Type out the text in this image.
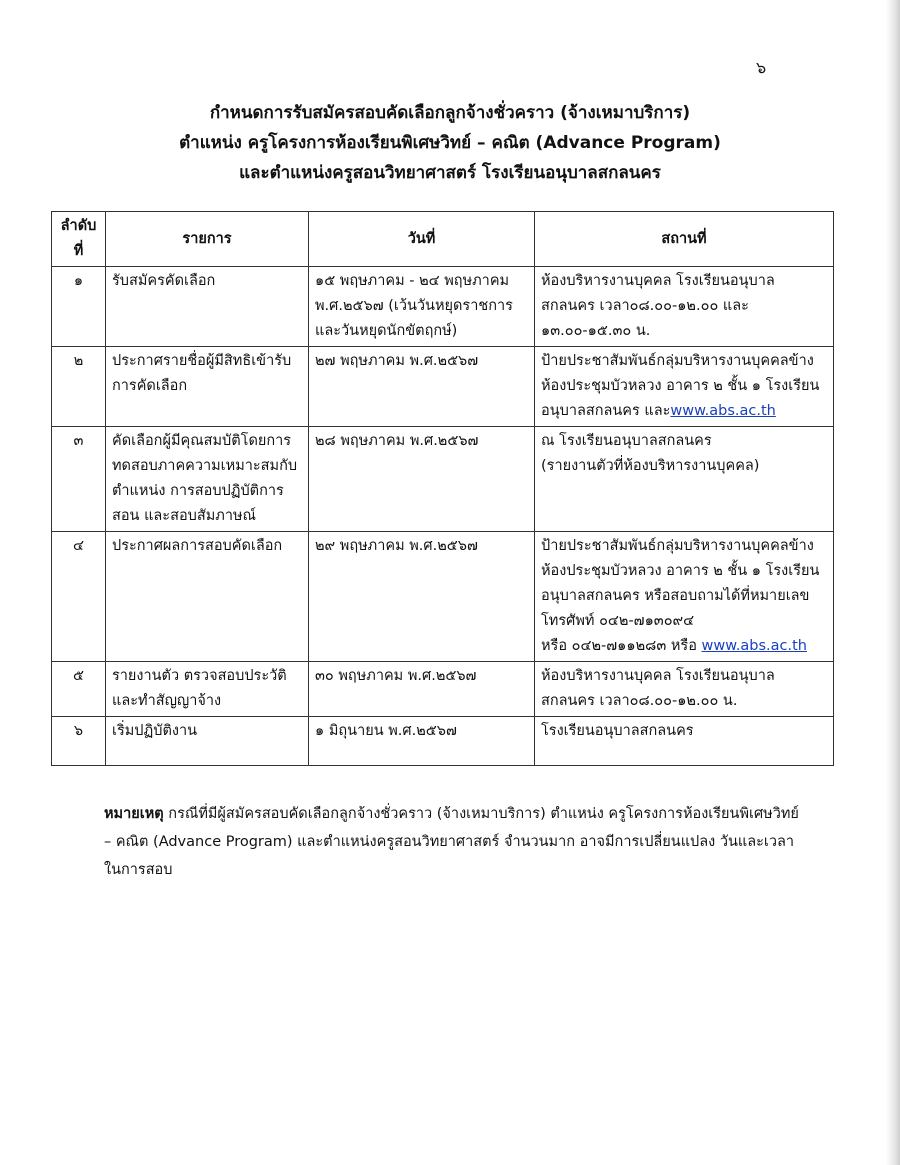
๖
กำหนดการรับสมัครสอบคัดเลือกลูกจ้างชั่วคราว (จ้างเหมาบริการ)
ตำแหน่ง ครูโครงการห้องเรียนพิเศษวิทย์ – คณิต (Advance Program)
และตำแหน่งครูสอนวิทยาศาสตร์ โรงเรียนอนุบาลสกลนคร
ลำดับ
ที่	รายการ	วันที่	สถานที่
๑	รับสมัครคัดเลือก	๑๕ พฤษภาคม - ๒๔ พฤษภาคม พ.ศ.๒๕๖๗ (เว้นวันหยุดราชการ และวันหยุดนักขัตฤกษ์)	ห้องบริหารงานบุคคล โรงเรียนอนุบาลสกลนคร เวลา๐๘.๐๐-๑๒.๐๐ และ ๑๓.๐๐-๑๕.๓๐ น.
๒	ประกาศรายชื่อผู้มีสิทธิเข้ารับการคัดเลือก	๒๗ พฤษภาคม พ.ศ.๒๕๖๗	ป้ายประชาสัมพันธ์กลุ่มบริหารงานบุคคลข้างห้องประชุมบัวหลวง อาคาร ๒ ชั้น ๑ โรงเรียนอนุบาลสกลนคร และwww.abs.ac.th
๓	คัดเลือกผู้มีคุณสมบัติโดยการทดสอบภาคความเหมาะสมกับตำแหน่ง การสอบปฏิบัติการสอน และสอบสัมภาษณ์	๒๘ พฤษภาคม พ.ศ.๒๕๖๗	ณ โรงเรียนอนุบาลสกลนคร
(รายงานตัวที่ห้องบริหารงานบุคคล)

๔	ประกาศผลการสอบคัดเลือก	๒๙ พฤษภาคม พ.ศ.๒๕๖๗	ป้ายประชาสัมพันธ์กลุ่มบริหารงานบุคคลข้างห้องประชุมบัวหลวง อาคาร ๒ ชั้น ๑ โรงเรียนอนุบาลสกลนคร หรือสอบถามได้ที่หมายเลขโทรศัพท์ ๐๔๒-๗๑๓๐๙๔
หรือ ๐๔๒-๗๑๑๒๘๓ หรือ www.abs.ac.th

๕	รายงานตัว ตรวจสอบประวัติ และทำสัญญาจ้าง	๓๐ พฤษภาคม พ.ศ.๒๕๖๗	ห้องบริหารงานบุคคล โรงเรียนอนุบาลสกลนคร เวลา๐๘.๐๐-๑๒.๐๐ น.
๖	เริ่มปฏิบัติงาน	๑ มิถุนายน พ.ศ.๒๕๖๗	โรงเรียนอนุบาลสกลนคร
หมายเหตุ กรณีที่มีผู้สมัครสอบคัดเลือกลูกจ้างชั่วคราว (จ้างเหมาบริการ) ตำแหน่ง ครูโครงการห้องเรียนพิเศษวิทย์ – คณิต (Advance Program) และตำแหน่งครูสอนวิทยาศาสตร์ จำนวนมาก อาจมีการเปลี่ยนแปลง วันและเวลาในการสอบ
